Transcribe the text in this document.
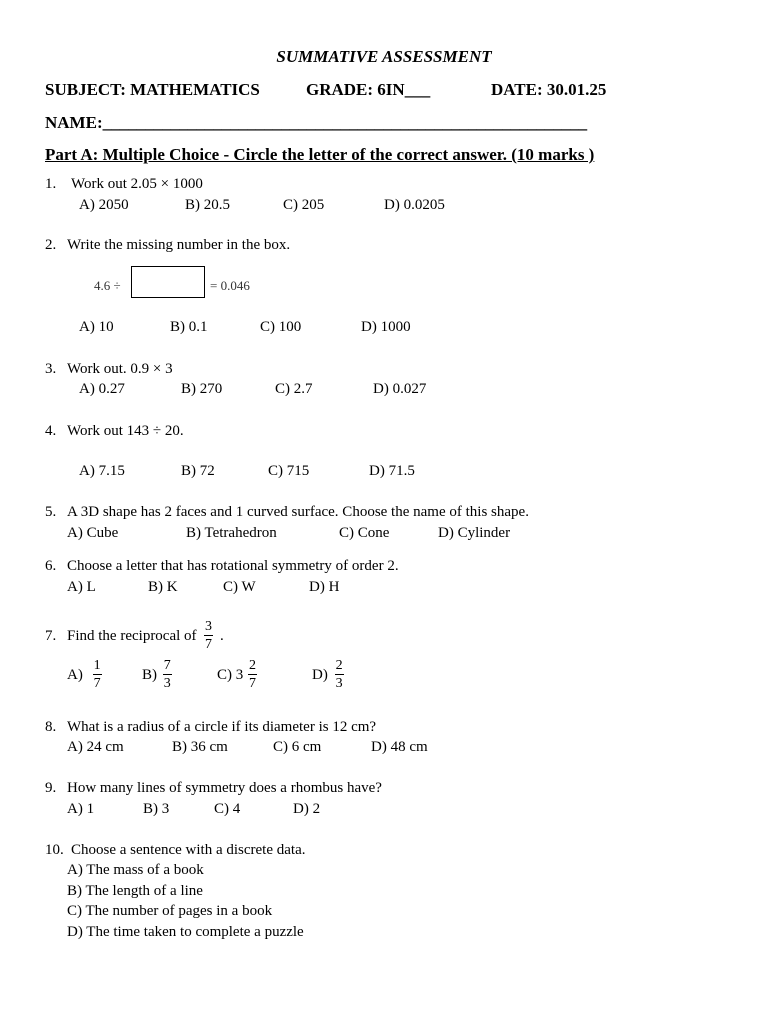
SUMMATIVE ASSESSMENT
SUBJECT: MATHEMATICS	GRADE: 6IN___	DATE: 30.01.25
NAME:_________________________________________________________
Part A: Multiple Choice - Circle the letter of the correct answer. (10 marks )
1. Work out 2.05 × 1000
A) 2050	B) 20.5	C) 205	D) 0.0205
2. Write the missing number in the box.
4.6 ÷	= 0.046
A) 10	B) 0.1	C) 100	D) 1000
3. Work out. 0.9 × 3
A) 0.27	B) 270	C) 2.7	D) 0.027
4. Work out 143 ÷ 20.
A) 7.15	B) 72	C) 715	D) 71.5
5. A 3D shape has 2 faces and 1 curved surface. Choose the name of this shape.
A) Cube	B) Tetrahedron	C) Cone	D) Cylinder
6. Choose a letter that has rotational symmetry of order 2.
A) L	B) K	C) W	D) H
7. Find the reciprocal of $\frac{3}{7}$ .
$A) \frac{1}{7}$	$B) \frac{7}{3}$	C) $3 \frac{2}{7}$	$D) \frac{2}{3}$
8. What is a radius of a circle if its diameter is 12 cm?
A) 24 cm	B) 36 cm	C) 6 cm	D) 48 cm
9. How many lines of symmetry does a rhombus have?
A) 1	B) 3	C) 4	D) 2
10. Choose a sentence with a discrete data.
A) The mass of a book
B) The length of a line
C) The number of pages in a book
D) The time taken to complete a puzzle
